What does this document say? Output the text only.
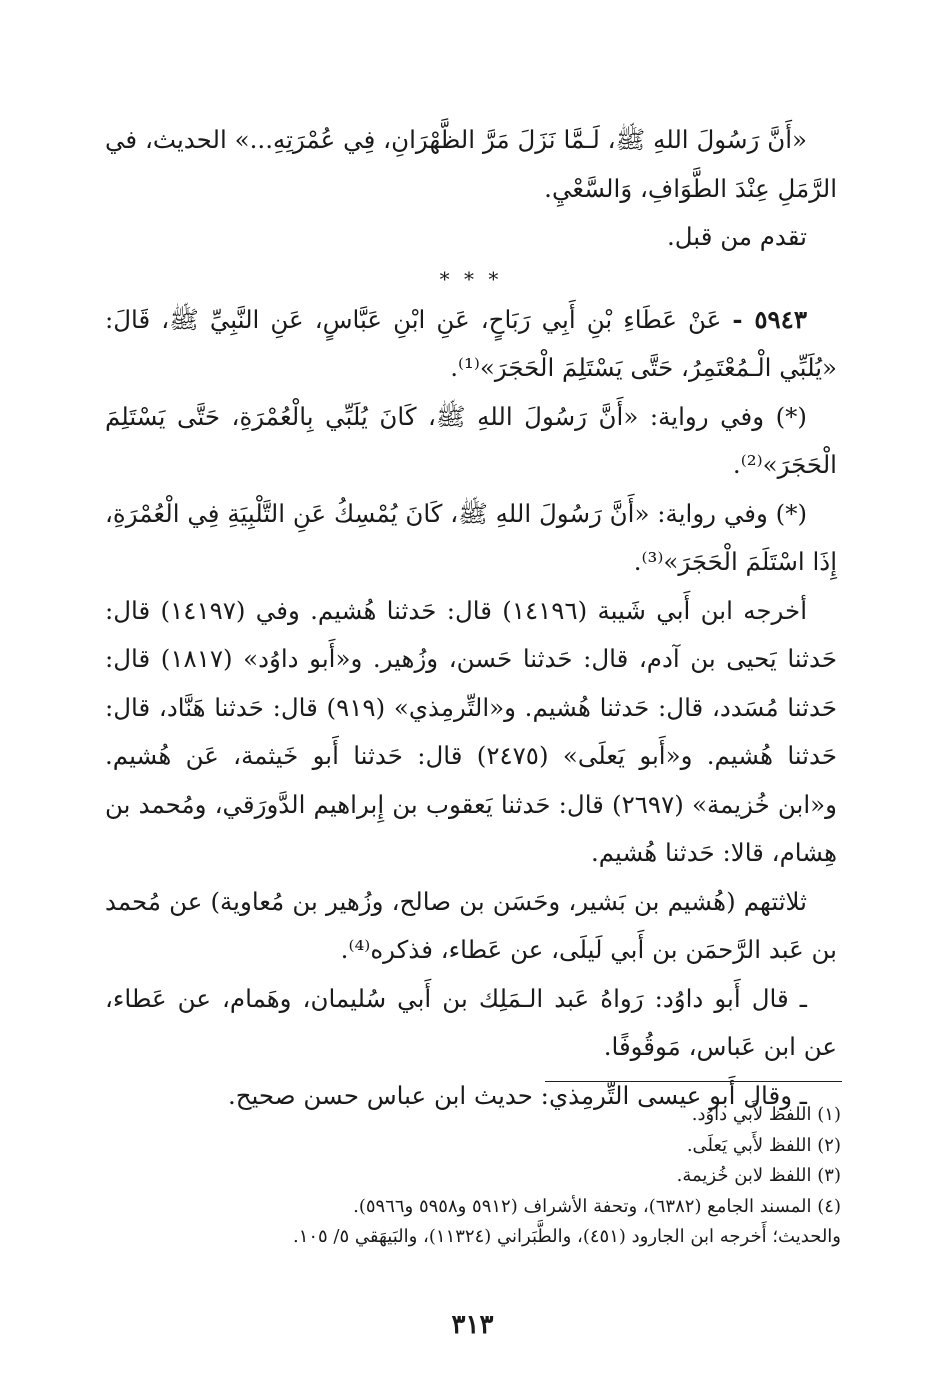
«أَنَّ رَسُولَ اللهِ ﷺ، لَـمَّا نَزَلَ مَرَّ الظَّهْرَانِ، فِي عُمْرَتِهِ...» الحديث، في الرَّمَلِ عِنْدَ الطَّوَافِ، وَالسَّعْيِ.

تقدم من قبل.

* * *

٥٩٤٣ - عَنْ عَطَاءِ بْنِ أَبِي رَبَاحٍ، عَنِ ابْنِ عَبَّاسٍ، عَنِ النَّبِيِّ ﷺ، قَالَ: «يُلَبِّي الْـمُعْتَمِرُ، حَتَّى يَسْتَلِمَ الْحَجَرَ»⁽¹⁾.

(*) وفي رواية: «أَنَّ رَسُولَ اللهِ ﷺ، كَانَ يُلَبِّي بِالْعُمْرَةِ، حَتَّى يَسْتَلِمَ الْحَجَرَ»⁽²⁾.

(*) وفي رواية: «أَنَّ رَسُولَ اللهِ ﷺ، كَانَ يُمْسِكُ عَنِ التَّلْبِيَةِ فِي الْعُمْرَةِ، إِذَا اسْتَلَمَ الْحَجَرَ»⁽³⁾.

أخرجه ابن أَبي شَيبة (١٤١٩٦) قال: حَدثنا هُشيم. وفي (١٤١٩٧) قال: حَدثنا يَحيى بن آدم، قال: حَدثنا حَسن، وزُهير. و«أَبو داوُد» (١٨١٧) قال: حَدثنا مُسَدد، قال: حَدثنا هُشيم. و«التِّرمِذي» (٩١٩) قال: حَدثنا هَنَّاد، قال: حَدثنا هُشيم. و«أَبو يَعلَى» (٢٤٧٥) قال: حَدثنا أَبو خَيثمة، عَن هُشيم. و«ابن خُزيمة» (٢٦٩٧) قال: حَدثنا يَعقوب بن إِبراهيم الدَّورَقي، ومُحمد بن هِشام، قالا: حَدثنا هُشيم.

ثلاثتهم (هُشيم بن بَشير، وحَسَن بن صالح، وزُهير بن مُعاوية) عن مُحمد بن عَبد الرَّحمَن بن أَبي لَيلَى، عن عَطاء، فذكره⁽⁴⁾.

ـ قال أَبو داوُد: رَواهُ عَبد الـمَلِك بن أَبي سُليمان، وهَمام، عن عَطاء، عن ابن عَباس، مَوقُوفًا.

ـ وقال أَبو عيسى التِّرمِذي: حديث ابن عباس حسن صحيح.

(١) اللفظ لأَبي داوُد.

(٢) اللفظ لأَبي يَعلَى.

(٣) اللفظ لابن خُزيمة.

(٤) المسند الجامع (٦٣٨٢)، وتحفة الأشراف (٥٩١٢ و٥٩٥٨ و٥٩٦٦).

والحديث؛ أَخرجه ابن الجارود (٤٥١)، والطَّبَراني (١١٣٢٤)، والبَيهَقي ٥/ ١٠٥.

٣١٣
